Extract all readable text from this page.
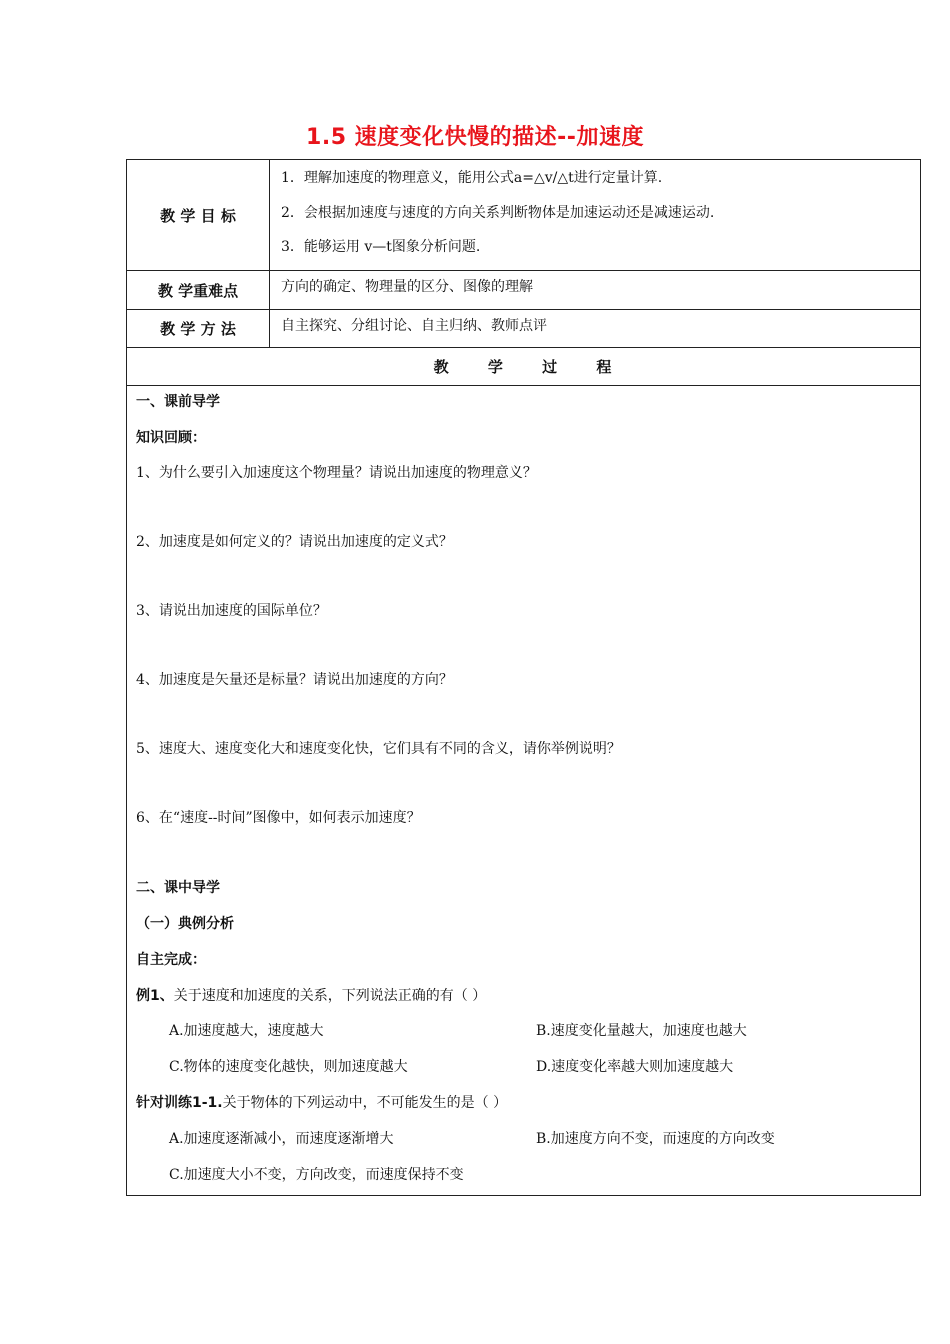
1.5 速度变化快慢的描述--加速度
教 学 目 标
1．理解加速度的物理意义，能用公式a=△v/△t进行定量计算.
2．会根据加速度与速度的方向关系判断物体是加速运动还是减速运动.
3．能够运用 v—t图象分析问题.
教 学重难点	方向的确定、物理量的区分、图像的理解
教 学 方 法	自主探究、分组讨论、自主归纳、教师点评
教 学 过 程
一、课前导学
知识回顾：
1、为什么要引入加速度这个物理量？请说出加速度的物理意义？
2、加速度是如何定义的？请说出加速度的定义式？
3、请说出加速度的国际单位？
4、加速度是矢量还是标量？请说出加速度的方向？
5、速度大、速度变化大和速度变化快，它们具有不同的含义，请你举例说明？
6、在“速度--时间”图像中，如何表示加速度？
二、课中导学
（一）典例分析
自主完成：
例1、关于速度和加速度的关系，下列说法正确的有（ ）
A.加速度越大，速度越大	B.速度变化量越大，加速度也越大
C.物体的速度变化越快，则加速度越大	D.速度变化率越大则加速度越大
针对训练1-1.关于物体的下列运动中，不可能发生的是（ ）
A.加速度逐渐减小，而速度逐渐增大	B.加速度方向不变，而速度的方向改变
C.加速度大小不变，方向改变，而速度保持不变
